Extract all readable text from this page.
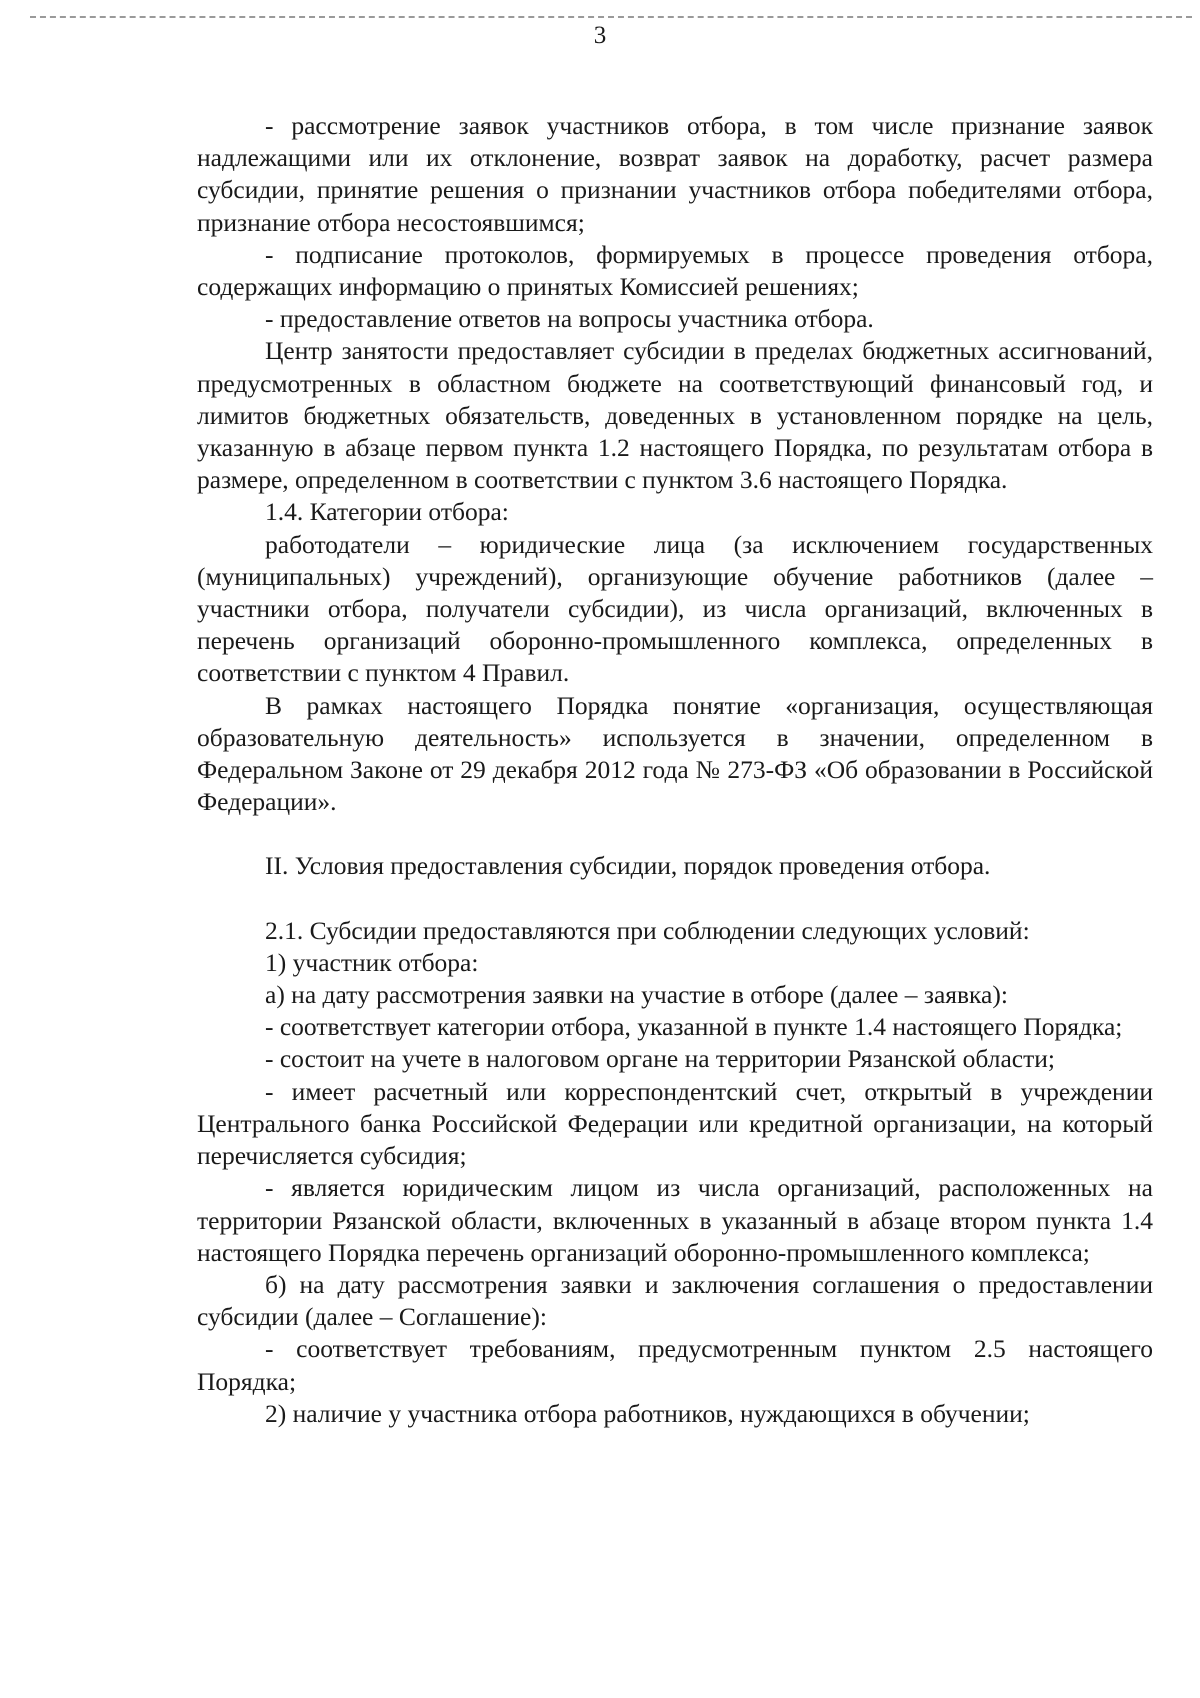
3

- рассмотрение заявок участников отбора, в том числе признание заявок надлежащими или их отклонение, возврат заявок на доработку, расчет размера субсидии, принятие решения о признании участников отбора победителями отбора, признание отбора несостоявшимся;

- подписание протоколов, формируемых в процессе проведения отбора, содержащих информацию о принятых Комиссией решениях;

- предоставление ответов на вопросы участника отбора.

Центр занятости предоставляет субсидии в пределах бюджетных ассигнований, предусмотренных в областном бюджете на соответствующий финансовый год, и лимитов бюджетных обязательств, доведенных в установленном порядке на цель, указанную в абзаце первом пункта 1.2 настоящего Порядка, по результатам отбора в размере, определенном в соответствии с пунктом 3.6 настоящего Порядка.

1.4. Категории отбора:

работодатели – юридические лица (за исключением государственных (муниципальных) учреждений), организующие обучение работников (далее – участники отбора, получатели субсидии), из числа организаций, включенных в перечень организаций оборонно-промышленного комплекса, определенных в соответствии с пунктом 4 Правил.

В рамках настоящего Порядка понятие «организация, осуществляющая образовательную деятельность» используется в значении, определенном в Федеральном Законе от 29 декабря 2012 года № 273-ФЗ «Об образовании в Российской Федерации».

II. Условия предоставления субсидии, порядок проведения отбора.

2.1. Субсидии предоставляются при соблюдении следующих условий:

1) участник отбора:

а) на дату рассмотрения заявки на участие в отборе (далее – заявка):

- соответствует категории отбора, указанной в пункте 1.4 настоящего Порядка;

- состоит на учете в налоговом органе на территории Рязанской области;

- имеет расчетный или корреспондентский счет, открытый в учреждении Центрального банка Российской Федерации или кредитной организации, на который перечисляется субсидия;

- является юридическим лицом из числа организаций, расположенных на территории Рязанской области, включенных в указанный в абзаце втором пункта 1.4 настоящего Порядка перечень организаций оборонно-промышленного комплекса;

б) на дату рассмотрения заявки и заключения соглашения о предоставлении субсидии (далее – Соглашение):

- соответствует требованиям, предусмотренным пунктом 2.5 настоящего Порядка;

2) наличие у участника отбора работников, нуждающихся в обучении;
